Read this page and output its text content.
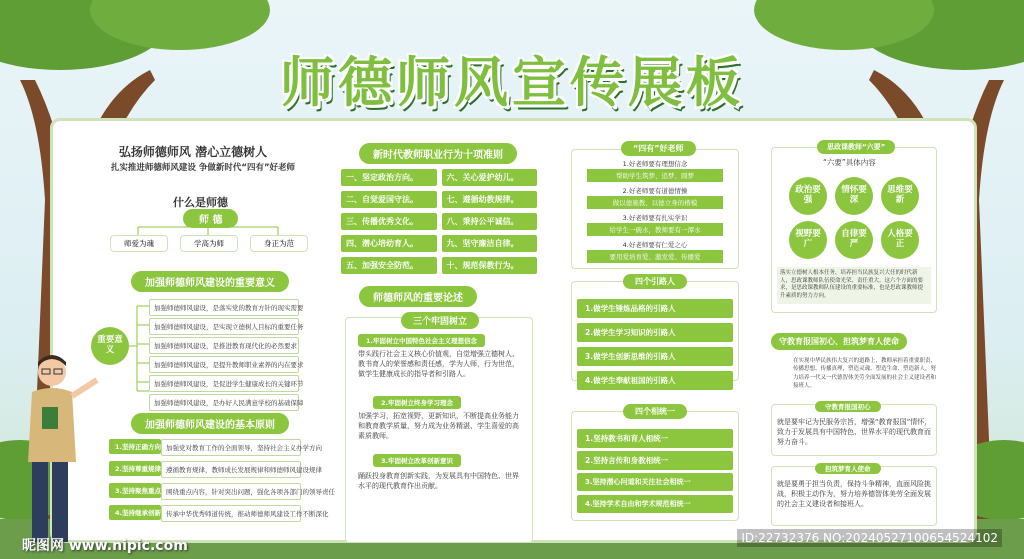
师德师风宣传展板
弘扬师德师风 潜心立德树人
扎实推进师德师风建设 争做新时代“四有”好老师
什么是师德
师 德
师爱为魂	学高为师	身正为范
加强师德师风建设的重要意义
重要意义
加强师德师风建设，是落实党的教育方针的现实需要
加强师德师风建设，是实现立德树人目标的重要任务
加强师德师风建设，是推进教育现代化的必然要求
加强师德师风建设，是提升教师职业素养的内在要求
加强师德师风建设，是促进学生健康成长的关键环节
加强师德师风建设，是办好人民满意学校的基础保障
加强师德师风建设的基本原则
1.坚持正确方向 加强党对教育工作的全面领导，坚持社会主义办学方向
2.坚持尊重规律 遵循教育规律，教师成长发展规律和师德师风建设规律
3.坚持聚焦重点 围绕重点内容，针对突出问题，强化各项各部门的领导责任
4.坚持继承创新 传承中华优秀师道传统，推动师德师风建设工作不断深化
新时代教师职业行为十项准则
一、坚定政治方向。	六、关心爱护幼儿。
二、自觉爱国守法。	七、遵循幼教规律。
三、传播优秀文化。	八、秉持公平诚信。
四、潜心培幼育人。	九、坚守廉洁自律。
五、加强安全防范。	十、规范保教行为。
师德师风的重要论述
三个牢固树立
1.牢固树立中国特色社会主义理想信念
带头践行社会主义核心价值观，自觉增强立德树人、教书育人的荣誉感和责任感，学为人师，行为世范，做学生健康成长的指导者和引路人。
2.牢固树立终身学习理念
加强学习，拓宽视野，更新知识，不断提高业务能力和教育教学质量，努力成为业务精湛、学生喜爱的高素质教师。
3.牢固树立改革创新意识
踊跃投身教育创新实践，为发展具有中国特色、世界水平的现代教育作出贡献。
“四有”好老师
1.好老师要有理想信念
帮助学生筑梦、追梦、圆梦
2.好老师要有道德情操
做以德施教、以德立身的楷模
3.好老师要有扎实学识
给学生一碗水，教师要有一潭水
4.好老师要有仁爱之心
要用爱培育爱、激发爱、传播爱
四个引路人
1.做学生锤炼品格的引路人
2.做学生学习知识的引路人
3.做学生创新思维的引路人
4.做学生奉献祖国的引路人
四个相统一
1.坚持教书和育人相统一
2.坚持言传和身教相统一
3.坚持潜心问道和关注社会相统一
4.坚持学术自由和学术规范相统一
思政课教师“六要”
“六要”具体内容
政治要强
情怀要深
思维要新
视野要广
自律要严
人格要正
落实立德树人根本任务，培养担当民族复兴大任的时代新人，思政课教师队伍使命光荣、责任重大。这六个方面的要求，是思政课教师队伍建设的重要标准，也是思政课教师提升素质的努力方向。
守教育报国初心、担筑梦育人使命
在实现中华民族伟大复兴的道路上，教师承担着重要职责，传播思想、传播真理，塑造灵魂、塑造生命、塑造新人，努力培养一代又一代德智体美劳全面发展的社会主义建设者和接班人。
守教育报国初心
就是要牢记为民服务宗旨，增强“教育报国”情怀，致力于发展具有中国特色、世界水平的现代教育而努力奋斗。
担筑梦育人使命
就是要勇于担当负责，保持斗争精神，直面风险挑战，积极主动作为，努力培养德智体美劳全面发展的社会主义建设者和接班人。
昵图网 www.nipic.com	ID:22732376 NO:20240527100654524102
